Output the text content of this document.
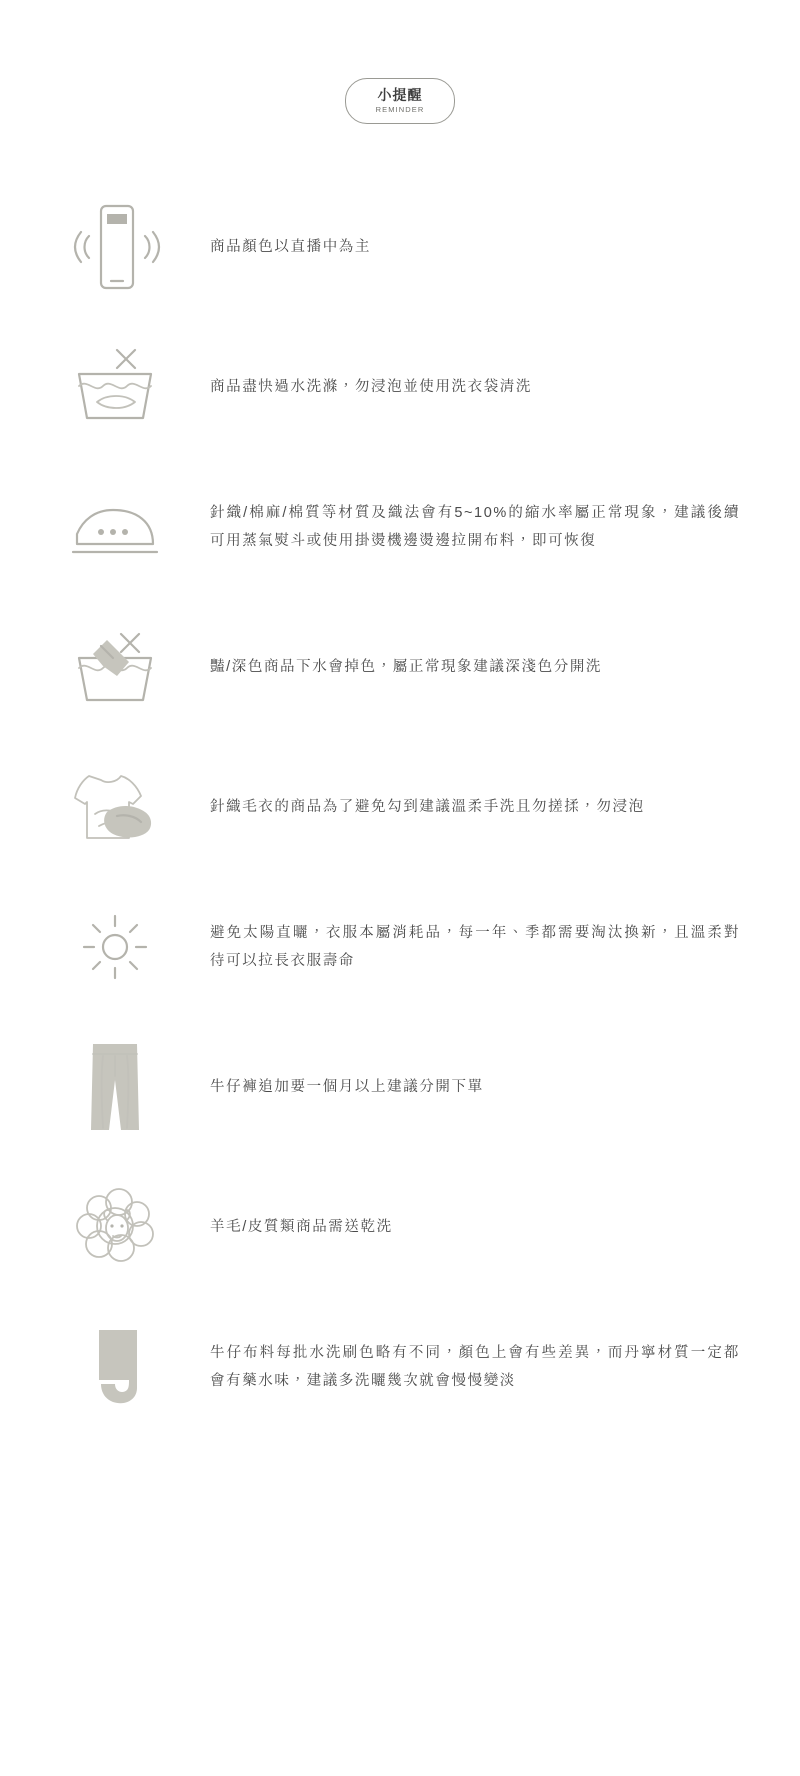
小提醒
REMINDER

商品顏色以直播中為主

商品盡快過水洗滌，勿浸泡並使用洗衣袋清洗

針織/棉麻/棉質等材質及織法會有5~10%的縮水率屬正常現象，建議後續可用蒸氣熨斗或使用掛燙機邊燙邊拉開布料，即可恢復

豔/深色商品下水會掉色，屬正常現象建議深淺色分開洗

針織毛衣的商品為了避免勾到建議溫柔手洗且勿搓揉，勿浸泡

避免太陽直曬，衣服本屬消耗品，每一年、季都需要淘汰換新，且溫柔對待可以拉長衣服壽命

牛仔褲追加要一個月以上建議分開下單

羊毛/皮質類商品需送乾洗

牛仔布料每批水洗刷色略有不同，顏色上會有些差異，而丹寧材質一定都會有藥水味，建議多洗曬幾次就會慢慢變淡
